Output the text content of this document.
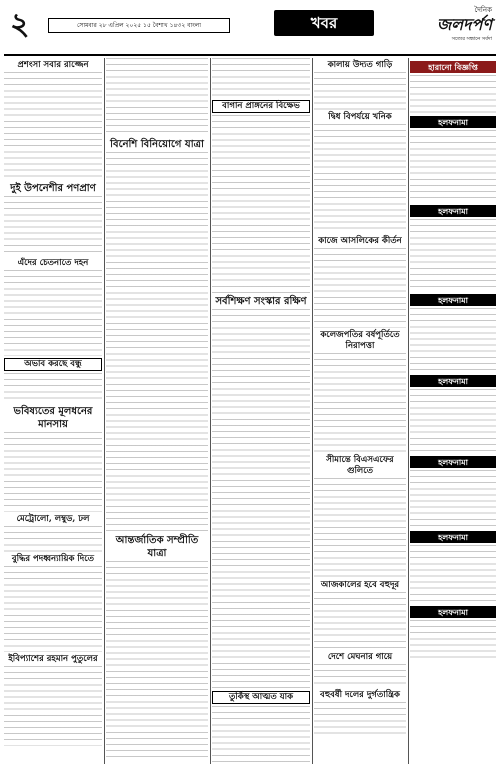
২	সোমবার ২৮ এপ্রিল ২০২৫ ১৫ বৈশাখ ১৪৩২ বাংলা	খবর
দৈনিক
জলদর্পণ
সত্যের সন্ধানে সর্বদা
প্রশংসা সবার রাজ্জেন
দুই উপনেশীর পণপ্রাণ
এঁদের চেতনাতে দহন
অভাব করছে বন্ধু
ভবিষ্যতের মূলধনের মানসায়
মেট্রোলো, লম্বুড, ঢল
বুদ্ধির পদধ্বন্যায়িক দিতে
ইবিপ্যাশের রহমান পুতুলের
বিনেশি বিনিয়োগে যাত্রা
আন্তর্জাতিক সম্প্রীতি যাত্রা
বাগান প্রাঙ্গনের বিক্ষেভ
সর্বশিক্ষণ সংস্কার রক্ষিণ
তুর্কিস্থ আত্মত যাক
কালায় উদ্যত গাড়ি
দ্বিধ বিপৰ্যয়ে খনিক
কাজে আসলিকের কীর্তন
কলেজপতির বর্ষপূর্তিতে নিরাপত্তা
সীমান্তে বিএসএফের গুলিতে
আজকালের হবে বহুদূর
দেশে মেঘনার গায়ে
বহুবর্ষী দলের দুর্গতান্ত্রিক
হারানো বিজ্ঞপ্তি
হলফনামা
হলফনামা
হলফনামা
হলফনামা
হলফনামা
হলফনামা
হলফনামা
